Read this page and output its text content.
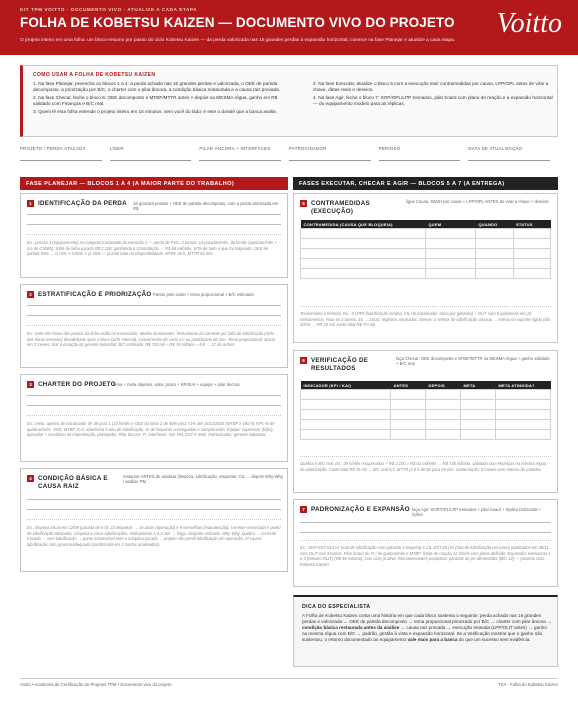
KIT TPM VOITTO · DOCUMENTO VIVO · ATUALIZE A CADA ETAPA
FOLHA DE KOBETSU KAIZEN — DOCUMENTO VIVO DO PROJETO
O projeto inteiro em uma folha: um bloco-resumo por passo do ciclo Kobetsu Kaizen — da perda valorizada nas 16 grandes perdas à expansão horizontal; comece na fase Planejar e atualize a cada etapa.
Voitto
COMO USAR A FOLHA DE KOBETSU KAIZEN
1. Na fase Planejar, preencha os blocos 1 a 4: a perda achada nas 16 grandes perdas e valorizada, o OEE de partida decomposto, a priorização por B/C, o charter com o pilar âncora, a condição básica restaurada e a causa raiz provada.
2. Na fase Checar, feche o bloco 6: OEE decomposto e MTBF/MTTR antes × depois na MESMA régua, ganho em R$ validado com Finanças e B/C real.
3. Quem lê esta folha entende o projeto inteiro em 15 minutos, sem você do lado: é este o dossiê que a banca avalia.
2. Na fase Executar, atualize o bloco 5 com a execução real: contramedidas por causa, LPP/OPL antes de virar a chave, datas reais e desvios.
4. Na fase Agir, feche o bloco 7: SOP/OPL/LPP treinados, pilar board com plano de reação e a expansão horizontal — do equipamento modelo para as réplicas.
PROJETO / PERDA ATACADA	LÍDER	PILAR ÂNCORA + INTERFACES	PATROCINADOR	PERÍODO	DATA DE ATUALIZAÇÃO
FASE PLANEJAR — BLOCOS 1 A 4 (A MAIOR PARTE DO TRABALHO)	FASES EXECUTAR, CHECAR E AGIR — BLOCOS 5 A 7 (A ENTREGA)
1	IDENTIFICAÇÃO DA PERDA 16 grandes perdas + OEE de partida decomposto, com a perda valorizada em R$
Ex.: prensa 3 (equipamento) no conjunto tracionado da extrusão 2 — perda de PVC, 3 turnos: 14 paradas/mês, 38 h/mês (quebras/mês > 0,6 do CMMS); linha de linha parada R$ 2.100; ganhando a Contratação → R$ 68 mil/mês, 67% de tudo o que foi mapeado. OEE de partida 54% → 0,71% × 0,90% × (2,45% — já está bate na Disponibilidade, MTBF 46 h, MTTR 82 min.
2	ESTRATIFICAÇÃO E PRIORIZAÇÃO Pareto pelo custo + tema proporcional + B/C estimado
Ex.: 64% das horas dos pontos da linha estão no tracionador. Modos dominantes: fechamento da corrente por falta de lubrificação (42% das horas mensais) desalinhado após a troca (12% mensal), concorrentes de curto 2 e ou partida/ano 60 mm. Tema proporcional: atacar em 3 meses, tirar à duração do gerente industrial. B/C estimado: R$ 735 mil ÷ R$ 74 mil/ano = 8,8 → 17 da ordem.
3	CHARTER DO PROJETO
tema + meta objetivo, valor, prazo + KPI/KAI + equipe + pilar âncora
Ex.: meta: quebra do tracionador de 38 para 1 (15 h/mês e OEE da linha 2 de 56% para 71% até 15/12/2025 (MTBF ≥ 180 h), KPI: % de quebras/mês, OEE, MTBF; KAI: aderência à rota de lubrificação, % de limpezas conseguidas e cumprimento. Equipe: supervisor (líder), operador + mecânico da manutenção, planejador. Pilar âncora: FI; interfaces: AM, PM, EST e SHE. Patrocinador: gerente industrial.
4	CONDIÇÃO BÁSICA E CAUSA RAIZ
restaurar ANTES de analisar (limpeza, lubrificação, etiquetas, CIL → depois Why-Why / análise PM
Ex.: limpeza inicial em 12/09 (parada de 6 h): 23 etiquetas → 14 azuis (operação) e 9 vermelhas (manutenção); corrente ressecada e ponto de lubrificação obstruído. Limpeza e cinco lubrificações. Alinhamento a 0,3 mm → folga, conjunto esticado. Why-Why: quebra → corrente travada → sem lubrificação → ponto inacessível sem a máquina parada → projeto não prevê lubrificação em operação. 2ª causa: lubrificação com graxa inadequada (confirmada em 3 modos analisados).
5	CONTRAMEDIDAS (EXECUÇÃO)
ligue Causa, 5W2H por causa + LPP/OPL ANTES de virar a chave + desvios
CONTRAMEDIDA (CAUSA QUE BLOQUEIA)	QUEM	QUANDO	STATUS

Treinamento e término. Ex.: 5 LPPs (lubrificação remota, CIL de tracionador, troca por gabarito) + OLIT com 6 quinzenas em 24 treinamentos. Para os 3 turnos. 16 → 16/10, registros assinados. Desvio: o sensor de lubrificação atrasou → entrou no suporte rígido (dia 20/10 → PR 10 mil, custo total R$ 79 mil).
6	VERIFICAÇÃO DE RESULTADOS
faça Checar: OEE decomposto e MTBF/MTTR na MESMA régua + ganho validado + B/C real
INDICADOR (KPI / KAI)	ANTES	DEPOIS	META	META ATINGIDA?

Quebra e B/C real. Ex.: 29 h/mês recuperadas + R$ 2.100 = R$ 61 mil/mês → R$ 730 mil/ano, validado com Finanças na mesma régua da valorização. Custo total R$ 79 mil → B/C real 9,2. MTTR já 9 h de 82 para 64 min. Sustentação: 3 meses sem retorno do paradas.
7	PADRONIZAÇÃO E EXPANSÃO faça Agir: SOP/OPL/LPP treinados + pilar board + réplica horizontal + lições
Ex.: SOP-EXT-014 v1 (rota de lubrificação com gabarito e limpeza) e CIL-EXT-03 (v2 (rota de lubrificação por turno) publicados em 08/11, com OLIT nos 3 turnos. Pilar board do FI / de quebra/mês e MTBF; limite de reação 12 h/mês com plano definido. Expansão: extrusoras 1 e 3 (mesmo OLIT) (R$ 48 mil/ano), com ciclo já ativo. Remanescentes propostas: paradas do pó alimentador (B/C 12) — próximo ciclo Kobetsu Kaizen.
DICA DO ESPECIALISTA
A Folha de Kobetsu Kaizen conta uma história em que cada bloco sustenta o seguinte: perda achada nas 16 grandes perdas e valorizada → OEE de partida decomposto → tema proporcional priorizado por B/C → charter com pilar âncora → condição básica restaurada antes da análise → causa raiz provada → execução treinada (LPP/OLIT antes) → ganho na mesma régua com B/C → padrão, gestão à vista e expansão horizontal. Se a Verificação mostrar que o ganho não sustentou, o retorno documentado ao equipamento vale mais para a banca do que um sucesso sem evidência.
Voitto • Academia de Certificação de Projetos TPM • Documento vivo do projeto	TKA - Folha do Kobetsu Kaizen
